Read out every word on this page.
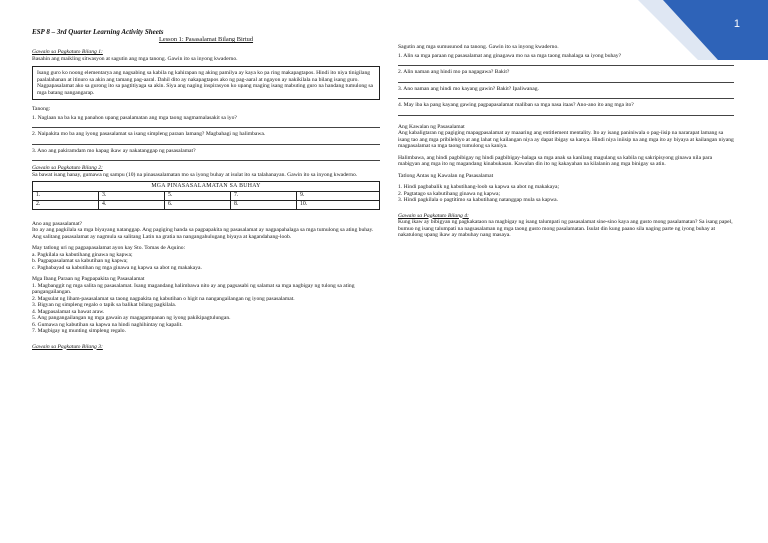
1
ESP 8 – 3rd Quarter Learning Activity Sheets
Lesson 1: Pasasalamat Bilang Birtud
Gawain sa Pagkatuto Bilang 1:

Basahin ang maikling sitwasyon at sagutin ang mga tanong. Gawin ito sa inyong kwaderno.

Isang guro ko noong elementarya ang nagsabing sa kabila ng kahirapan ng aking pamilya ay kaya ko pa ring makapagtapos. Hindi ito niya tinigilang paalalahanan at itinuro sa akin ang tamang pag-aaral. Dahil dito ay nakapagtapos ako ng pag-aaral at ngayon ay nakikilala na bilang isang guro. Nagpapasalamat ako sa gurong ito sa pagtitiyaga sa akin. Siya ang naging inspirasyon ko upang maging isang mabuting guro na handang tumulong sa mga batang nangangarap.

Tanong:
1. Naglaan na ba ka ng panahon upang pasalamatan ang mga taong nagmamalasakit sa iyo?
2. Naipakita mo ba ang iyong pasasalamat sa isang simpleng paraan lamang? Magbahagi ng halimbawa.
3. Ano ang pakiramdam mo kapag ikaw ay nakatanggap ng pasasalamat?
Gawain sa Pagkatuto Bilang 2:

Sa bawat isang hanay, gumawa ng sampu (10) na pinasasalamatan mo sa iyong buhay at isulat ito sa talahanayan. Gawin ito sa inyong kwaderno.

MGA PINASASALAMATAN SA BUHAY				
1.	3.	5.	7.	9.
2.	4.	6.	8.	10.
Ano ang pasasalamat?

Ito ay ang pagkilala sa mga biyayang natanggap. Ang pagiging handa sa pagpapakita ng pasasalamat ay nagpapahalaga sa mga tumulong sa ating buhay. Ang salitang pasasalamat ay nagmula sa salitang Latin na gratia na nangangahulugang biyaya at kagandahang-loob.

May tatlong uri ng pagpapasalamat ayon kay Sto. Tomas de Aquino:
a. Pagkilala sa kabutihang ginawa ng kapwa;
b. Pagpapasalamat sa kabutihan ng kapwa;
c. Pagbabayad sa kabutihan ng mga ginawa ng kapwa sa abot ng makakaya.
Mga Ibang Paraan ng Pagpapakita ng Pasasalamat
1. Magbanggit ng mga salita ng pasasalamat. Isang magandang halimbawa nito ay ang pagsasabi ng salamat sa mga nagbigay ng tulong sa ating pangangailangan.
2. Magsulat ng liham-pasasalamat sa taong nagpakita ng kabutihan o higit na nangangailangan ng iyong pasasalamat.
3. Bigyan ng simpleng regalo o tapik sa balikat bilang pagkilala.
4. Magpasalamat sa bawat araw.
5. Ang pangangailangan ng mga gawain ay magagampanan ng iyong pakikipagtulungan.
6. Gumawa ng kabutihan sa kapwa na hindi naghihintay ng kapalit.
7. Magbigay ng munting simpleng regalo.
Gawain sa Pagkatuto Bilang 3:

Sagutin ang mga sumusunod na tanong. Gawin ito sa inyong kwaderno.

1. Alin sa mga paraan ng pasasalamat ang ginagawa mo na sa mga taong mahalaga sa iyong buhay?
2. Alin naman ang hindi mo pa nagagawa? Bakit?
3. Ano naman ang hindi mo kayang gawin? Bakit? Ipaliwanag.
4. May iba ka pang kayang gawing pagpapasalamat maliban sa mga nasa itaas? Ano-ano ito ang mga ito?
Ang Kawalan ng Pasasalamat

Ang kabaligtaran ng pagiging mapagpasalamat ay maaaring ang entitlement mentality. Ito ay isang paniniwala o pag-iisip na nararapat lamang sa isang tao ang mga pribilehiyo at ang lahat ng kailangan niya ay dapat ibigay sa kanya. Hindi niya iniisip na ang mga ito ay biyaya at kailangan niyang magpasalamat sa mga taong tumulong sa kaniya.

Halimbawa, ang hindi pagbibigay ng hindi pagbibigay-halaga sa mga anak sa kanilang magulang sa kabila ng sakripisyong ginawa nila para mabigyan ang mga ito ng magandang kinabukasan. Kawalan din ito ng kakayahan na kilalanin ang mga binigay sa atin.

Tatlong Antas ng Kawalan ng Pasasalamat
1. Hindi pagbabalik ng kabutihang-loob sa kapwa sa abot ng makakaya;
2. Pagtatago sa kabutihang ginawa ng kapwa;
3. Hindi pagkilala o pagtitimo sa kabutihang natanggap mula sa kapwa.
Gawain sa Pagkatuto Bilang 4:

Kung ikaw ay bibigyan ng pagkakataon na magbigay ng isang talumpati ng pasasalamat sine-sino kaya ang gusto mong pasalamatan? Sa isang papel, bumuo ng isang talumpati na nagsasalaman ng mga taong gusto mong pasalamatan. Isulat din kung paano sila naging parte ng iyong buhay at nakatulong upang ikaw ay mabuhay nang masaya.
